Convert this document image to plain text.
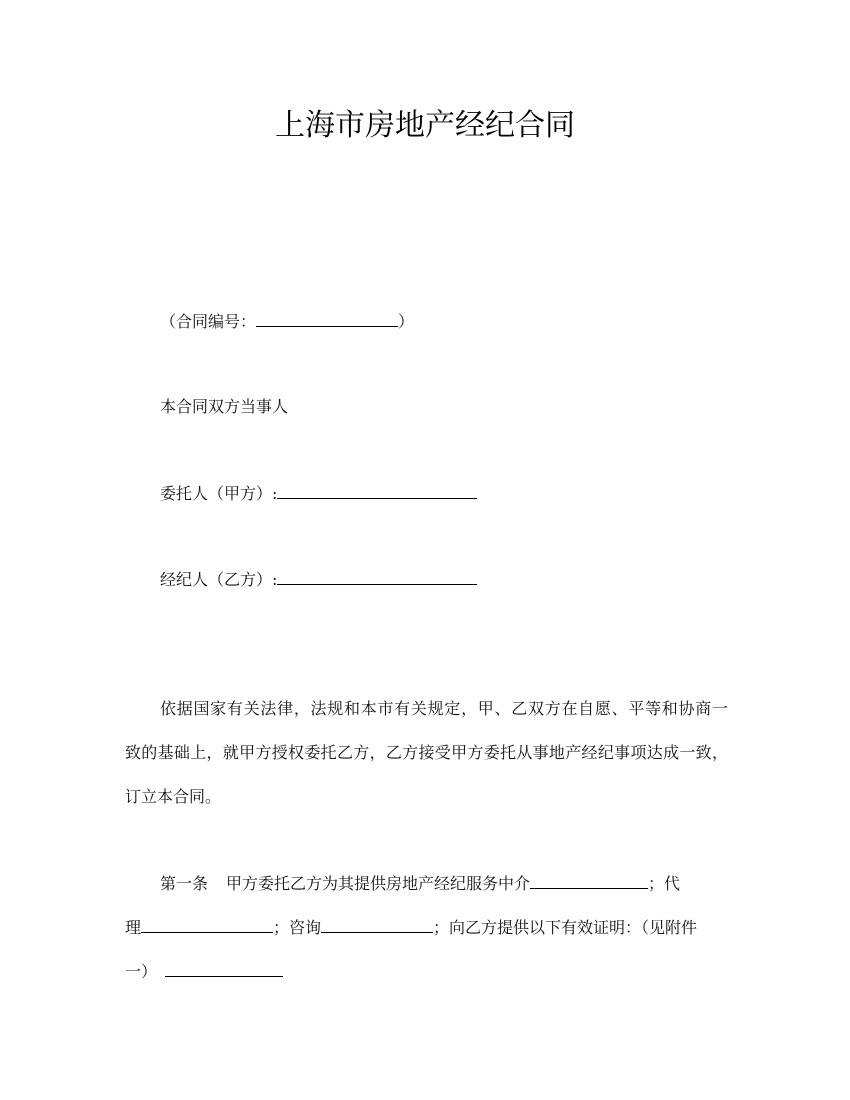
上海市房地产经纪合同
（合同编号：	）
本合同双方当事人
委托人（甲方）:
经纪人（乙方）:
依据国家有关法律，法规和本市有关规定，甲、乙双方在自愿、平等和协商一
致的基础上，就甲方授权委托乙方，乙方接受甲方委托从事地产经纪事项达成一致，
订立本合同。
第一条 甲方委托乙方为其提供房地产经纪服务中介	；代
理	；咨询	；向乙方提供以下有效证明：（见附件
一）
